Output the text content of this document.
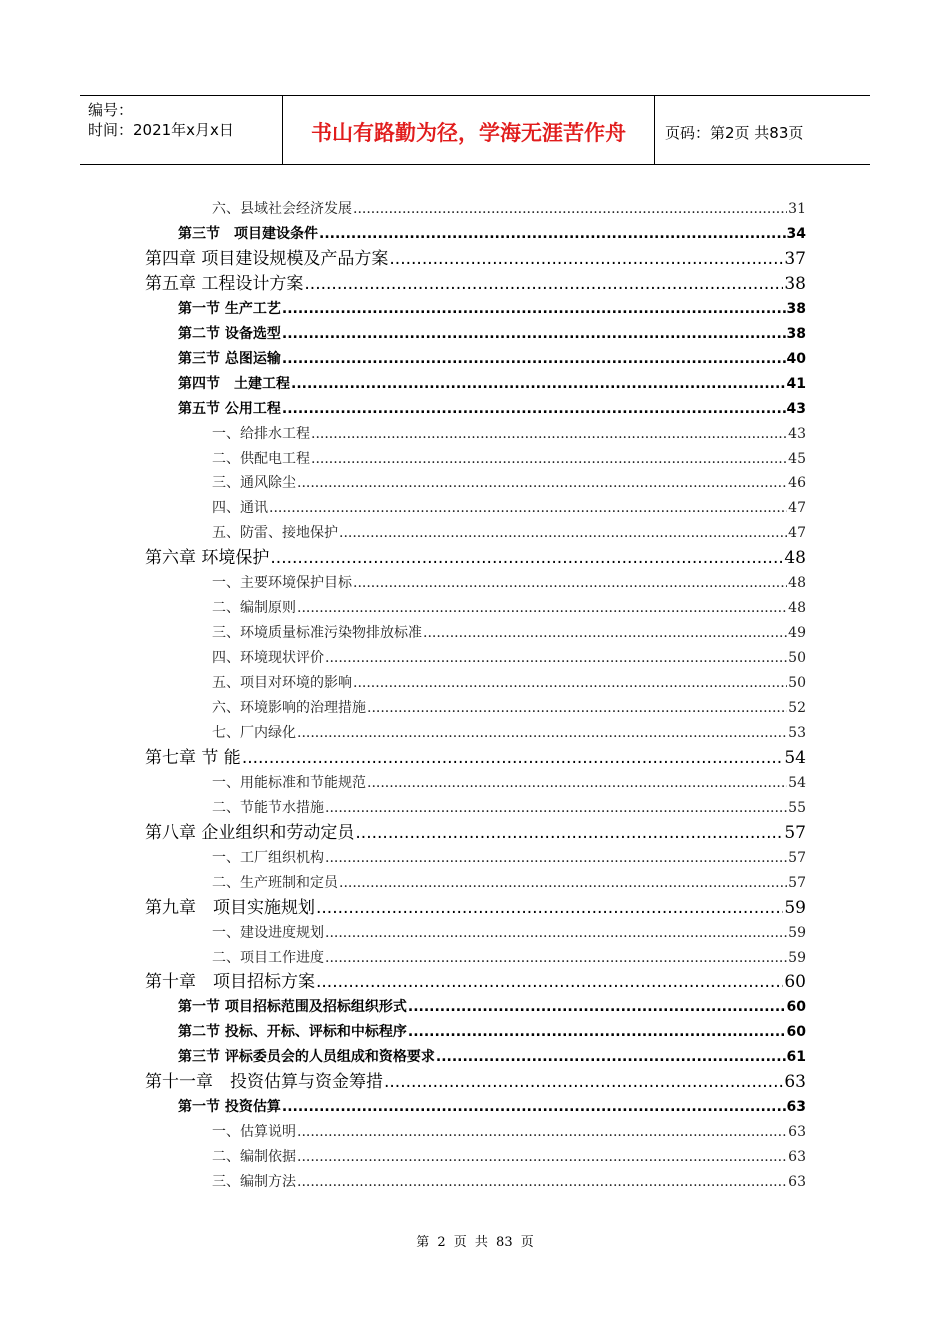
编号：
时间：2021年x月x日	书山有路勤为径，学海无涯苦作舟	页码：第2页 共83页
六、县域社会经济发展 .....	31
第三节　项目建设条件 .....	34
第四章 项目建设规模及产品方案 .....	37
第五章 工程设计方案 .....	38
第一节 生产工艺 .....	38
第二节 设备选型 .....	38
第三节 总图运输 .....	40
第四节　土建工程 .....	41
第五节 公用工程 .....	43
一、给排水工程 .....	43
二、供配电工程 .....	45
三、通风除尘 .....	46
四、通讯 .....	47
五、防雷、接地保护 .....	47
第六章 环境保护 .....	48
一、主要环境保护目标 .....	48
二、编制原则 .....	48
三、环境质量标准污染物排放标准 .....	49
四、环境现状评价 .....	50
五、项目对环境的影响 .....	50
六、环境影响的治理措施 .....	52
七、厂内绿化 .....	53
第七章 节 能 .....	54
一、用能标准和节能规范 .....	54
二、节能节水措施 .....	55
第八章 企业组织和劳动定员 .....	57
一、工厂组织机构 .....	57
二、生产班制和定员 .....	57
第九章　项目实施规划 .....	59
一、建设进度规划 .....	59
二、项目工作进度 .....	59
第十章　项目招标方案 .....	60
第一节 项目招标范围及招标组织形式 .....	60
第二节 投标、开标、评标和中标程序 .....	60
第三节 评标委员会的人员组成和资格要求 .....	61
第十一章　投资估算与资金筹措 .....	63
第一节 投资估算 .....	63
一、估算说明 .....	63
二、编制依据 .....	63
三、编制方法 .....	63
第 2 页 共 83 页
